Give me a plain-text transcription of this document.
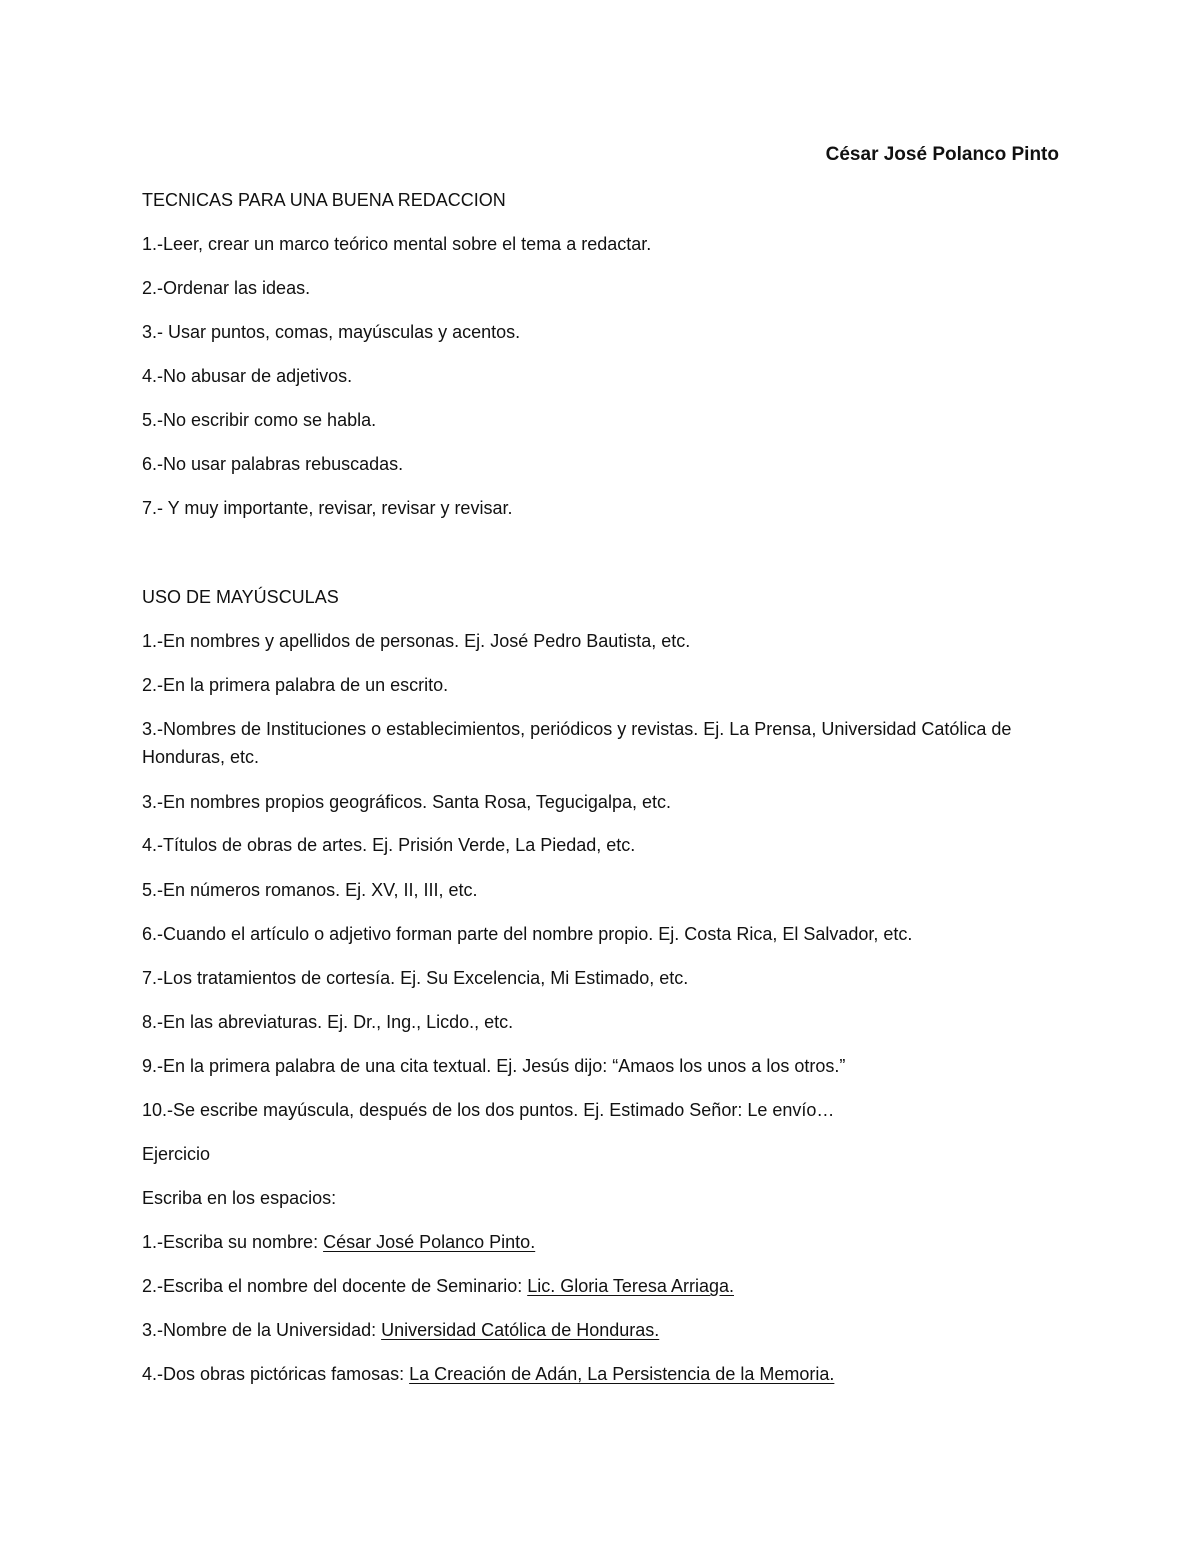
César José Polanco Pinto
TECNICAS PARA UNA BUENA REDACCION
1.-Leer, crear un marco teórico mental sobre el tema a redactar.
2.-Ordenar las ideas.
3.- Usar puntos, comas, mayúsculas y acentos.
4.-No abusar de adjetivos.
5.-No escribir como se habla.
6.-No usar palabras rebuscadas.
7.- Y muy importante, revisar, revisar y revisar.
USO DE MAYÚSCULAS
1.-En nombres y apellidos de personas. Ej. José Pedro Bautista, etc.
2.-En la primera palabra de un escrito.
3.-Nombres de Instituciones o establecimientos, periódicos y revistas. Ej. La Prensa, Universidad Católica de Honduras, etc.
3.-En nombres propios geográficos. Santa Rosa, Tegucigalpa, etc.
4.-Títulos de obras de artes. Ej. Prisión Verde, La Piedad, etc.
5.-En números romanos. Ej. XV, II, III, etc.
6.-Cuando el artículo o adjetivo forman parte del nombre propio. Ej. Costa Rica, El Salvador, etc.
7.-Los tratamientos de cortesía. Ej. Su Excelencia, Mi Estimado, etc.
8.-En las abreviaturas. Ej. Dr., Ing., Licdo., etc.
9.-En la primera palabra de una cita textual. Ej. Jesús dijo: “Amaos los unos a los otros.”
10.-Se escribe mayúscula, después de los dos puntos. Ej. Estimado Señor: Le envío…
Ejercicio
Escriba en los espacios:
1.-Escriba su nombre: César José Polanco Pinto.
2.-Escriba el nombre del docente de Seminario: Lic. Gloria Teresa Arriaga.
3.-Nombre de la Universidad: Universidad Católica de Honduras.
4.-Dos obras pictóricas famosas: La Creación de Adán, La Persistencia de la Memoria.
